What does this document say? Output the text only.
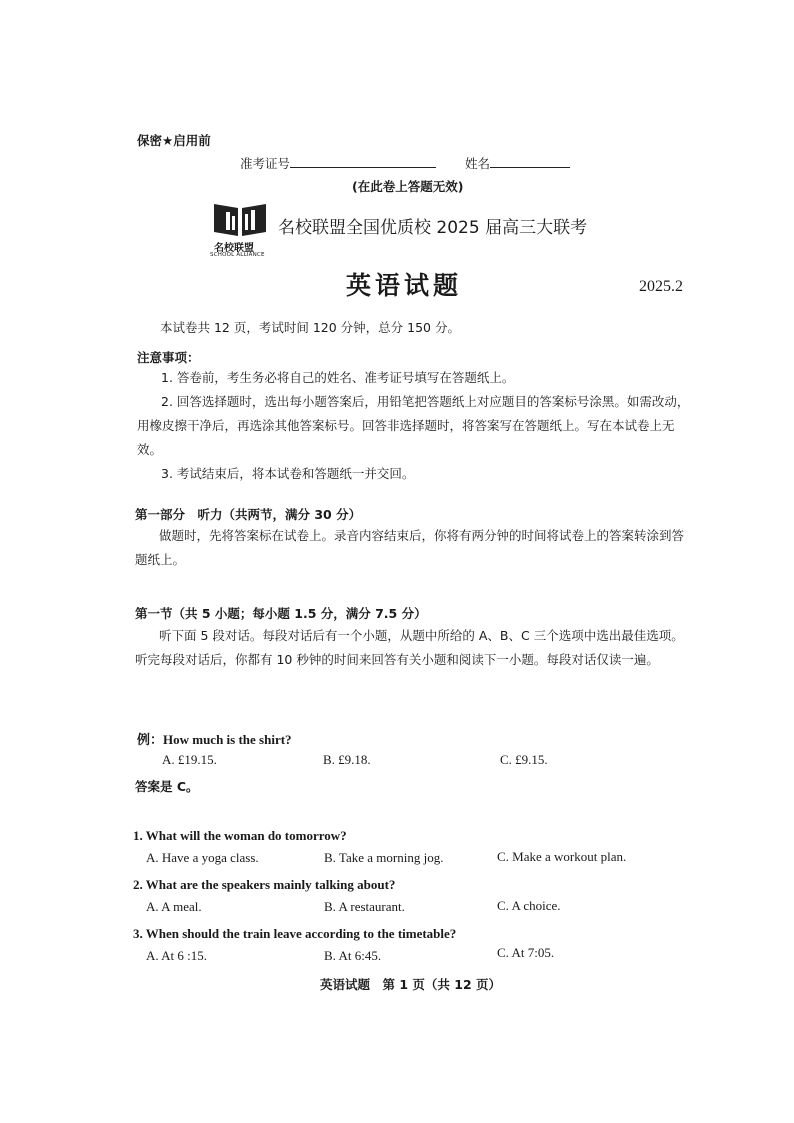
保密★启用前
准考证号	姓名
(在此卷上答题无效)
名校联盟
SCHOOL ALLIANCE
名校联盟全国优质校 2025 届高三大联考
英语试题	2025.2
本试卷共 12 页，考试时间 120 分钟，总分 150 分。
注意事项：
1. 答卷前，考生务必将自己的姓名、准考证号填写在答题纸上。
2. 回答选择题时，选出每小题答案后，用铅笔把答题纸上对应题目的答案标号涂黑。如需改动，用橡皮擦干净后，再选涂其他答案标号。回答非选择题时，将答案写在答题纸上。写在本试卷上无效。
3. 考试结束后，将本试卷和答题纸一并交回。
第一部分　听力（共两节，满分 30 分）
做题时，先将答案标在试卷上。录音内容结束后，你将有两分钟的时间将试卷上的答案转涂到答题纸上。
第一节（共 5 小题；每小题 1.5 分，满分 7.5 分）
听下面 5 段对话。每段对话后有一个小题，从题中所给的 A、B、C 三个选项中选出最佳选项。听完每段对话后，你都有 10 秒钟的时间来回答有关小题和阅读下一小题。每段对话仅读一遍。
例：How much is the shirt?
A. £19.15.	B. £9.18.	C. £9.15.
答案是 C。
1. What will the woman do tomorrow?
A. Have a yoga class.	B. Take a morning jog.	C. Make a workout plan.
2. What are the speakers mainly talking about?
A. A meal.	B. A restaurant.	C. A choice.
3. When should the train leave according to the timetable?
A. At 6 :15.	B. At 6:45.	C. At 7:05.
英语试题　第 1 页（共 12 页）
